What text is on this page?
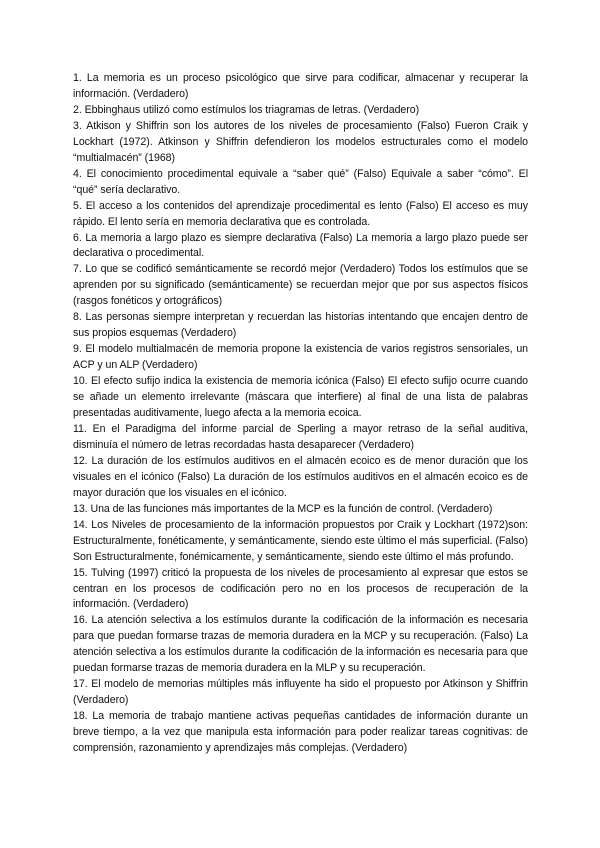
1. La memoria es un proceso psicológico que sirve para codificar, almacenar y recuperar la información. (Verdadero)

2. Ebbinghaus utilizó como estímulos los triagramas de letras. (Verdadero)

3. Atkison y Shiffrin son los autores de los niveles de procesamiento (Falso) Fueron Craik y Lockhart (1972). Atkinson y Shiffrin defendieron los modelos estructurales como el modelo “multialmacén” (1968)

4. El conocimiento procedimental equivale a “saber qué” (Falso) Equivale a saber “cómo”. El “qué” sería declarativo.

5. El acceso a los contenidos del aprendizaje procedimental es lento (Falso) El acceso es muy rápido. El lento sería en memoria declarativa que es controlada.

6. La memoria a largo plazo es siempre declarativa (Falso) La memoria a largo plazo puede ser declarativa o procedimental.

7. Lo que se codificó semánticamente se recordó mejor (Verdadero) Todos los estímulos que se aprenden por su significado (semánticamente) se recuerdan mejor que por sus aspectos físicos (rasgos fonéticos y ortográficos)

8. Las personas siempre interpretan y recuerdan las historias intentando que encajen dentro de sus propios esquemas (Verdadero)

9. El modelo multialmacén de memoria propone la existencia de varios registros sensoriales, un ACP y un ALP (Verdadero)

10. El efecto sufijo indica la existencia de memoria icónica (Falso) El efecto sufijo ocurre cuando se añade un elemento irrelevante (máscara que interfiere) al final de una lista de palabras presentadas auditivamente, luego afecta a la memoria ecoica.

11. En el Paradigma del informe parcial de Sperling a mayor retraso de la señal auditiva, disminuía el número de letras recordadas hasta desaparecer (Verdadero)

12. La duración de los estímulos auditivos en el almacén ecoico es de menor duración que los visuales en el icónico (Falso) La duración de los estímulos auditivos en el almacén ecoico es de mayor duración que los visuales en el icónico.

13. Una de las funciones más importantes de la MCP es la función de control. (Verdadero)

14. Los Niveles de procesamiento de la información propuestos por Craik y Lockhart (1972)son: Estructuralmente, fonéticamente, y semánticamente, siendo este último el más superficial. (Falso) Son Estructuralmente, fonémicamente, y semánticamente, siendo este último el más profundo.

15. Tulving (1997) criticó la propuesta de los niveles de procesamiento al expresar que estos se centran en los procesos de codificación pero no en los procesos de recuperación de la información. (Verdadero)

16. La atención selectiva a los estímulos durante la codificación de la información es necesaria para que puedan formarse trazas de memoria duradera en la MCP y su recuperación. (Falso) La atención selectiva a los estímulos durante la codificación de la información es necesaria para que puedan formarse trazas de memoria duradera en la MLP y su recuperación.

17. El modelo de memorias múltiples más influyente ha sido el propuesto por Atkinson y Shiffrin (Verdadero)

18. La memoria de trabajo mantiene activas pequeñas cantidades de información durante un breve tiempo, a la vez que manipula esta información para poder realizar tareas cognitivas: de comprensión, razonamiento y aprendizajes más complejas. (Verdadero)
